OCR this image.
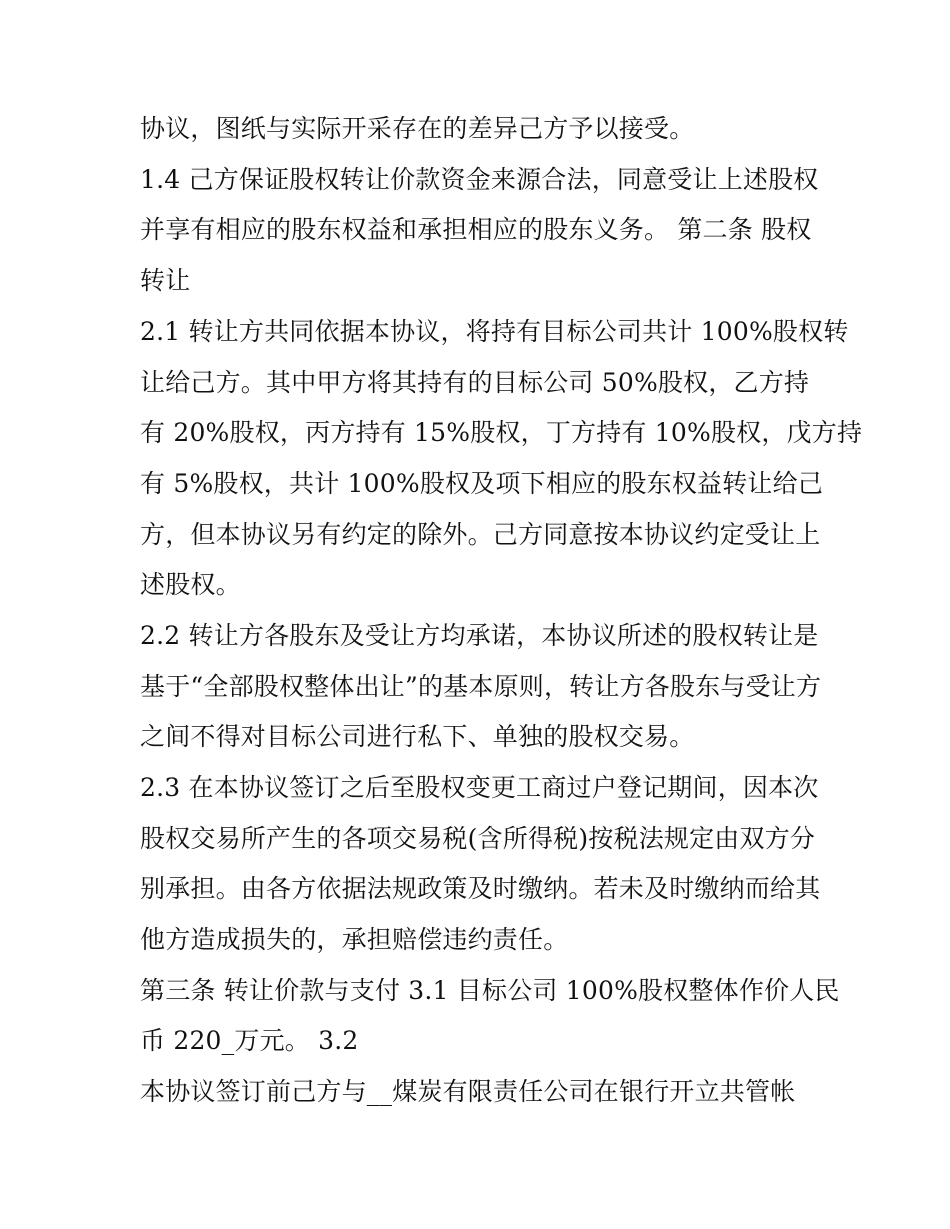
协议，图纸与实际开采存在的差异己方予以接受。
1.4 己方保证股权转让价款资金来源合法，同意受让上述股权
并享有相应的股东权益和承担相应的股东义务。 第二条 股权
转让
2.1 转让方共同依据本协议，将持有目标公司共计 100%股权转
让给己方。其中甲方将其持有的目标公司 50%股权，乙方持
有 20%股权，丙方持有 15%股权，丁方持有 10%股权，戊方持
有 5%股权，共计 100%股权及项下相应的股东权益转让给己
方，但本协议另有约定的除外。己方同意按本协议约定受让上
述股权。
2.2 转让方各股东及受让方均承诺，本协议所述的股权转让是
基于“全部股权整体出让”的基本原则，转让方各股东与受让方
之间不得对目标公司进行私下、单独的股权交易。
2.3 在本协议签订之后至股权变更工商过户登记期间，因本次
股权交易所产生的各项交易税(含所得税)按税法规定由双方分
别承担。由各方依据法规政策及时缴纳。若未及时缴纳而给其
他方造成损失的，承担赔偿违约责任。
第三条 转让价款与支付 3.1 目标公司 100%股权整体作价人民
币 220_万元。 3.2
本协议签订前己方与__煤炭有限责任公司在银行开立共管帐
